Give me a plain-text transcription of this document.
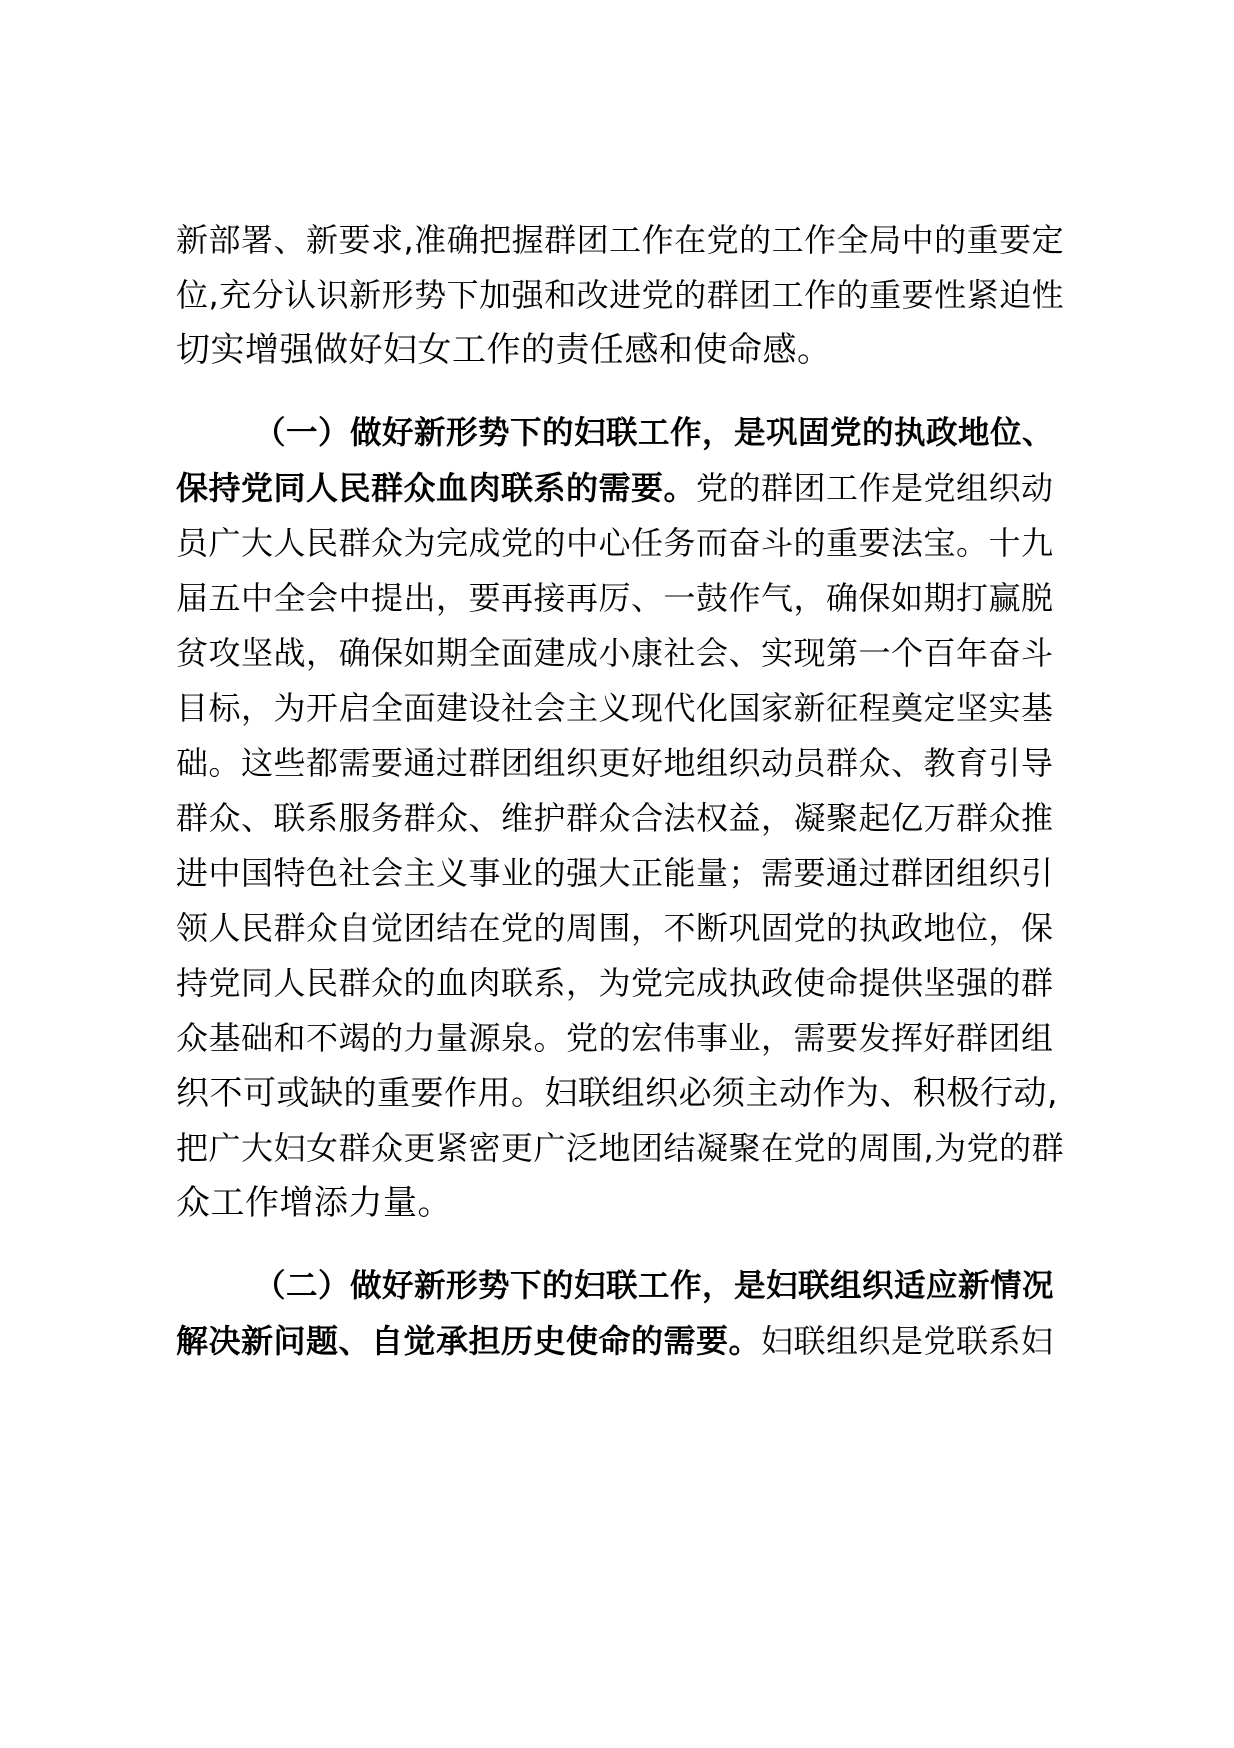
新部署、新要求,准确把握群团工作在党的工作全局中的重要定
位,充分认识新形势下加强和改进党的群团工作的重要性紧迫性
切实增强做好妇女工作的责任感和使命感。
（一）做好新形势下的妇联工作，是巩固党的执政地位、
保持党同人民群众血肉联系的需要。党的群团工作是党组织动
员广大人民群众为完成党的中心任务而奋斗的重要法宝。十九
届五中全会中提出，要再接再厉、一鼓作气，确保如期打赢脱
贫攻坚战，确保如期全面建成小康社会、实现第一个百年奋斗
目标，为开启全面建设社会主义现代化国家新征程奠定坚实基
础。这些都需要通过群团组织更好地组织动员群众、教育引导
群众、联系服务群众、维护群众合法权益，凝聚起亿万群众推
进中国特色社会主义事业的强大正能量；需要通过群团组织引
领人民群众自觉团结在党的周围，不断巩固党的执政地位，保
持党同人民群众的血肉联系，为党完成执政使命提供坚强的群
众基础和不竭的力量源泉。党的宏伟事业，需要发挥好群团组
织不可或缺的重要作用。妇联组织必须主动作为、积极行动,
把广大妇女群众更紧密更广泛地团结凝聚在党的周围,为党的群
众工作增添力量。
（二）做好新形势下的妇联工作，是妇联组织适应新情况
解决新问题、自觉承担历史使命的需要。妇联组织是党联系妇
